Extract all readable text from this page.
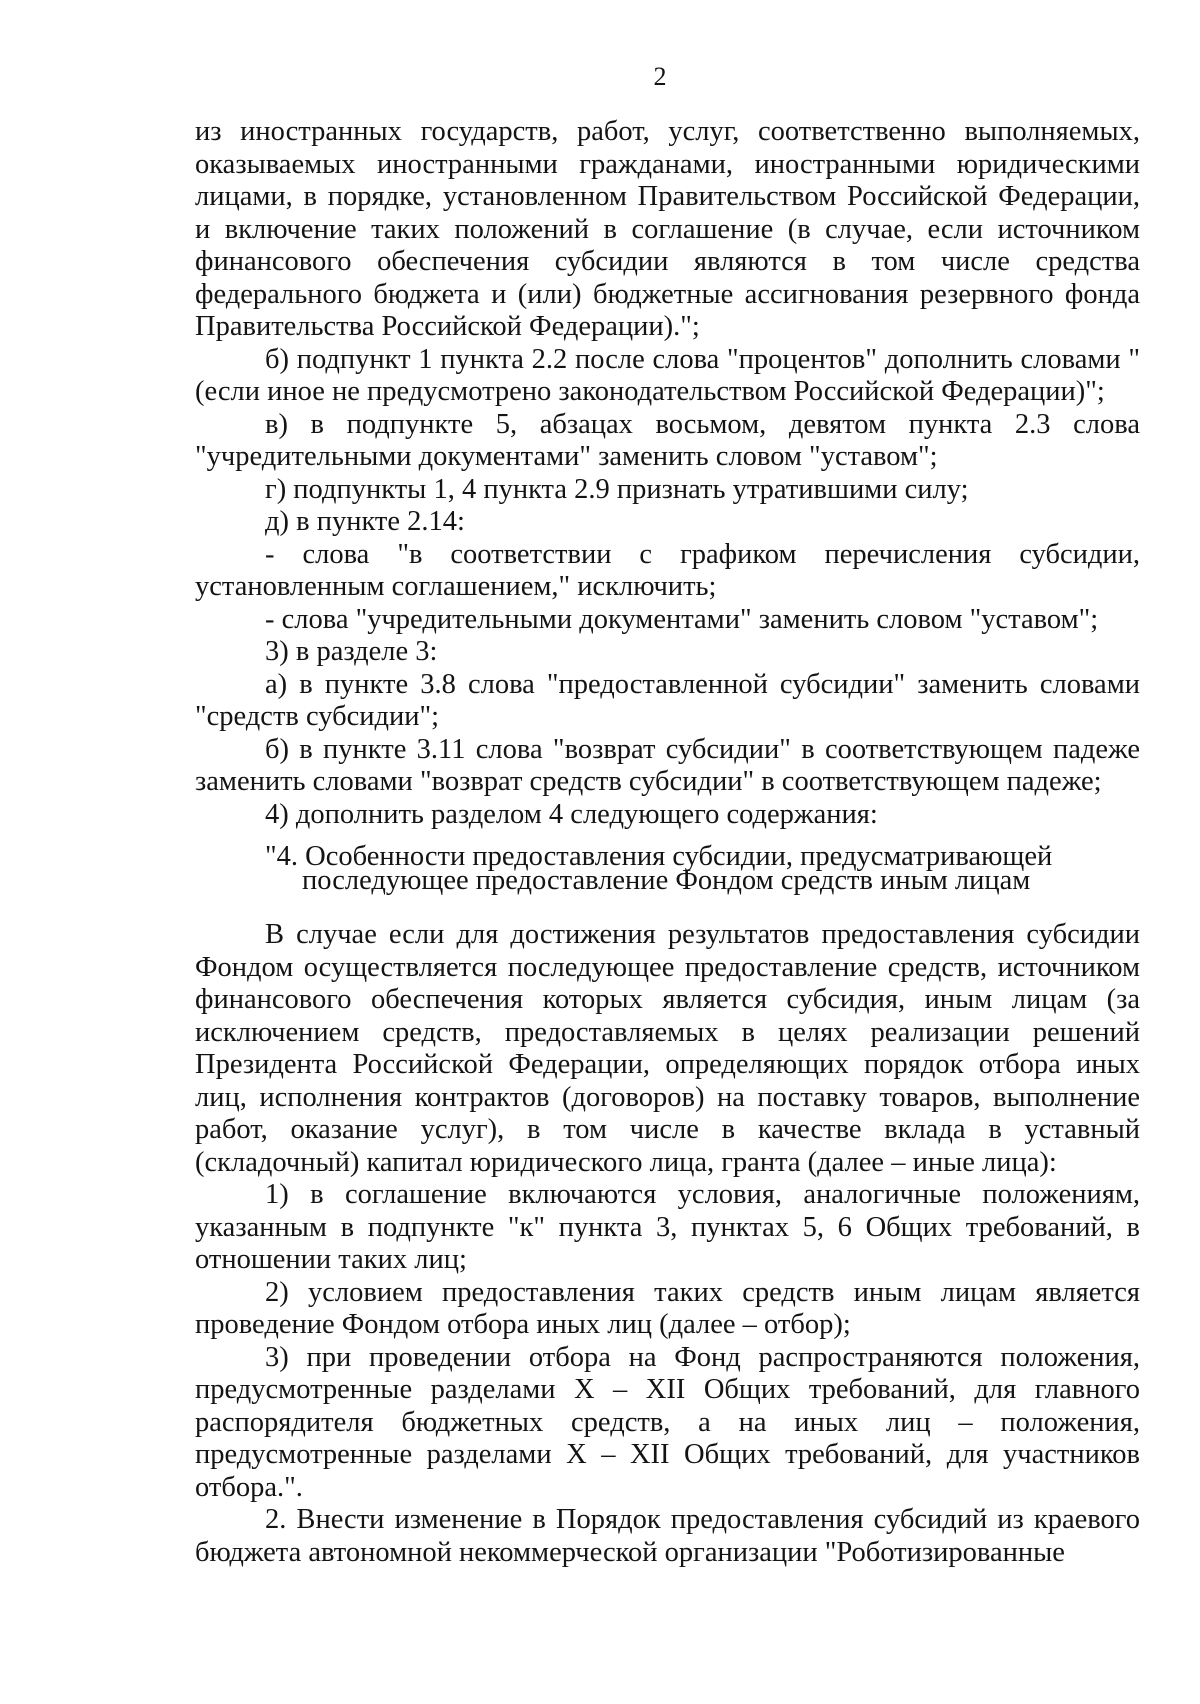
2

из иностранных государств, работ, услуг, соответственно выполняемых, оказываемых иностранными гражданами, иностранными юридическими лицами, в порядке, установленном Правительством Российской Федерации, и включение таких положений в соглашение (в случае, если источником финансового обеспечения субсидии являются в том числе средства федерального бюджета и (или) бюджетные ассигнования резервного фонда Правительства Российской Федерации).";

б) подпункт 1 пункта 2.2 после слова "процентов" дополнить словами "(если иное не предусмотрено законодательством Российской Федерации)";

в) в подпункте 5, абзацах восьмом, девятом пункта 2.3 слова "учредительными документами" заменить словом "уставом";

г) подпункты 1, 4 пункта 2.9 признать утратившими силу;

д) в пункте 2.14:

- слова "в соответствии с графиком перечисления субсидии, установленным соглашением," исключить;

- слова "учредительными документами" заменить словом "уставом";

3) в разделе 3:

а) в пункте 3.8 слова "предоставленной субсидии" заменить словами "средств субсидии";

б) в пункте 3.11 слова "возврат субсидии" в соответствующем падеже заменить словами "возврат средств субсидии" в соответствующем падеже;

4) дополнить разделом 4 следующего содержания:

"4. Особенности предоставления субсидии, предусматривающей
последующее предоставление Фондом средств иным лицам

В случае если для достижения результатов предоставления субсидии Фондом осуществляется последующее предоставление средств, источником финансового обеспечения которых является субсидия, иным лицам (за исключением средств, предоставляемых в целях реализации решений Президента Российской Федерации, определяющих порядок отбора иных лиц, исполнения контрактов (договоров) на поставку товаров, выполнение работ, оказание услуг), в том числе в качестве вклада в уставный (складочный) капитал юридического лица, гранта (далее – иные лица):

1) в соглашение включаются условия, аналогичные положениям, указанным в подпункте "к" пункта 3, пунктах 5, 6 Общих требований, в отношении таких лиц;

2) условием предоставления таких средств иным лицам является проведение Фондом отбора иных лиц (далее – отбор);

3) при проведении отбора на Фонд распространяются положения, предусмотренные разделами X – XII Общих требований, для главного распорядителя бюджетных средств, а на иных лиц – положения, предусмотренные разделами X – XII Общих требований, для участников отбора.".

2. Внести изменение в Порядок предоставления субсидий из краевого бюджета автономной некоммерческой организации "Роботизированные
